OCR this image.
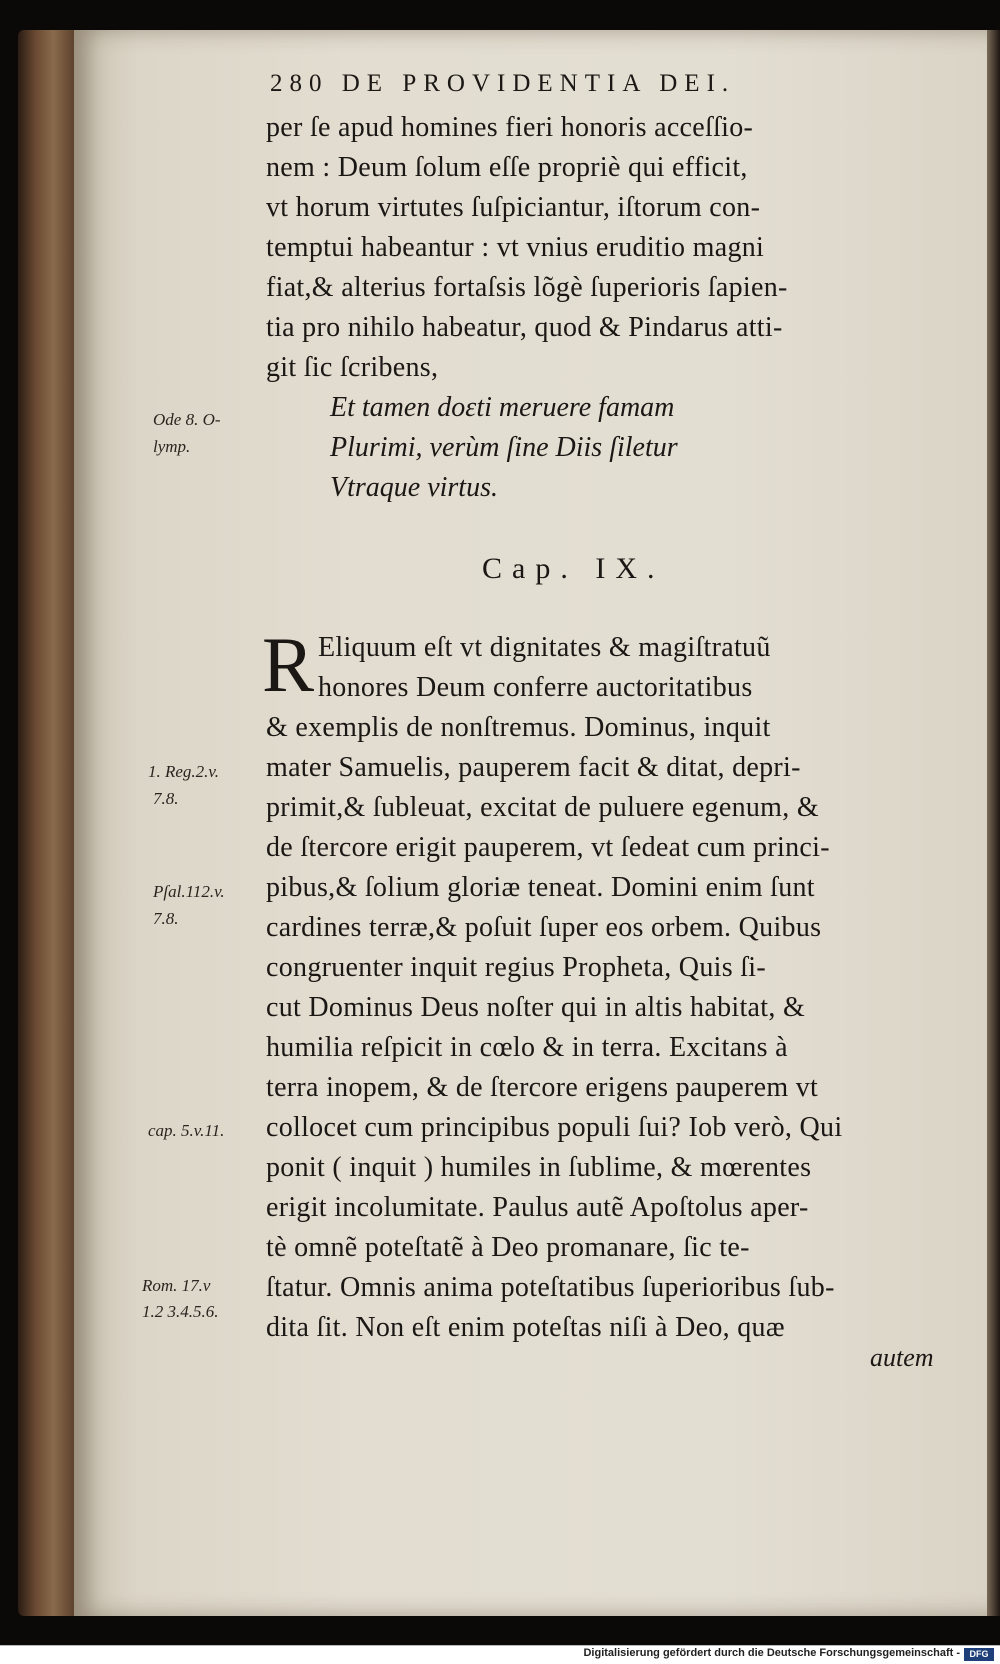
280 DE PROVIDENTIA DEI.
per ſe apud homines fieri honoris acceſſio-
nem : Deum ſolum eſſe propriè qui efficit,
vt horum virtutes ſuſpiciantur, iſtorum con-
temptui habeantur : vt vnius eruditio magni
fiat,& alterius fortaſsis lõgè ſuperioris ſapien-
tia pro nihilo habeatur, quod & Pindarus atti-
git ſic ſcribens,
Et tamen doɛti meruere famam
Plurimi, verùm ſine Diis ſiletur
Vtraque virtus.
Cap. IX.
R Eliquum eſt vt dignitates & magiſtratuũ
honores Deum conferre auctoritatibus
& exemplis de nonſtremus. Dominus, inquit
mater Samuelis, pauperem facit & ditat, depri-
primit,& ſubleuat, excitat de puluere egenum, &
de ſtercore erigit pauperem, vt ſedeat cum princi-
pibus,& ſolium gloriæ teneat. Domini enim ſunt
cardines terræ,& poſuit ſuper eos orbem. Quibus
congruenter inquit regius Propheta, Quis ſi-
cut Dominus Deus noſter qui in altis habitat, &
humilia reſpicit in cœlo & in terra. Excitans à
terra inopem, & de ſtercore erigens pauperem vt
collocet cum principibus populi ſui? Iob verò, Qui
ponit ( inquit ) humiles in ſublime, & mœrentes
erigit incolumitate. Paulus autẽ Apoſtolus aper-
tè omnẽ poteſtatẽ à Deo promanare, ſic te-
ſtatur. Omnis anima poteſtatibus ſuperioribus ſub-
dita ſit. Non eſt enim poteſtas niſi à Deo, quæ
autem
Ode 8. O-
lymp.
1. Reg.2.v.
7.8.
Pſal.112.v.
7.8.
cap. 5.v.11.
Rom. 17.v
1.2 3.4.5.6.
Digitalisierung gefördert durch die Deutsche Forschungsgemeinschaft -	DFG
